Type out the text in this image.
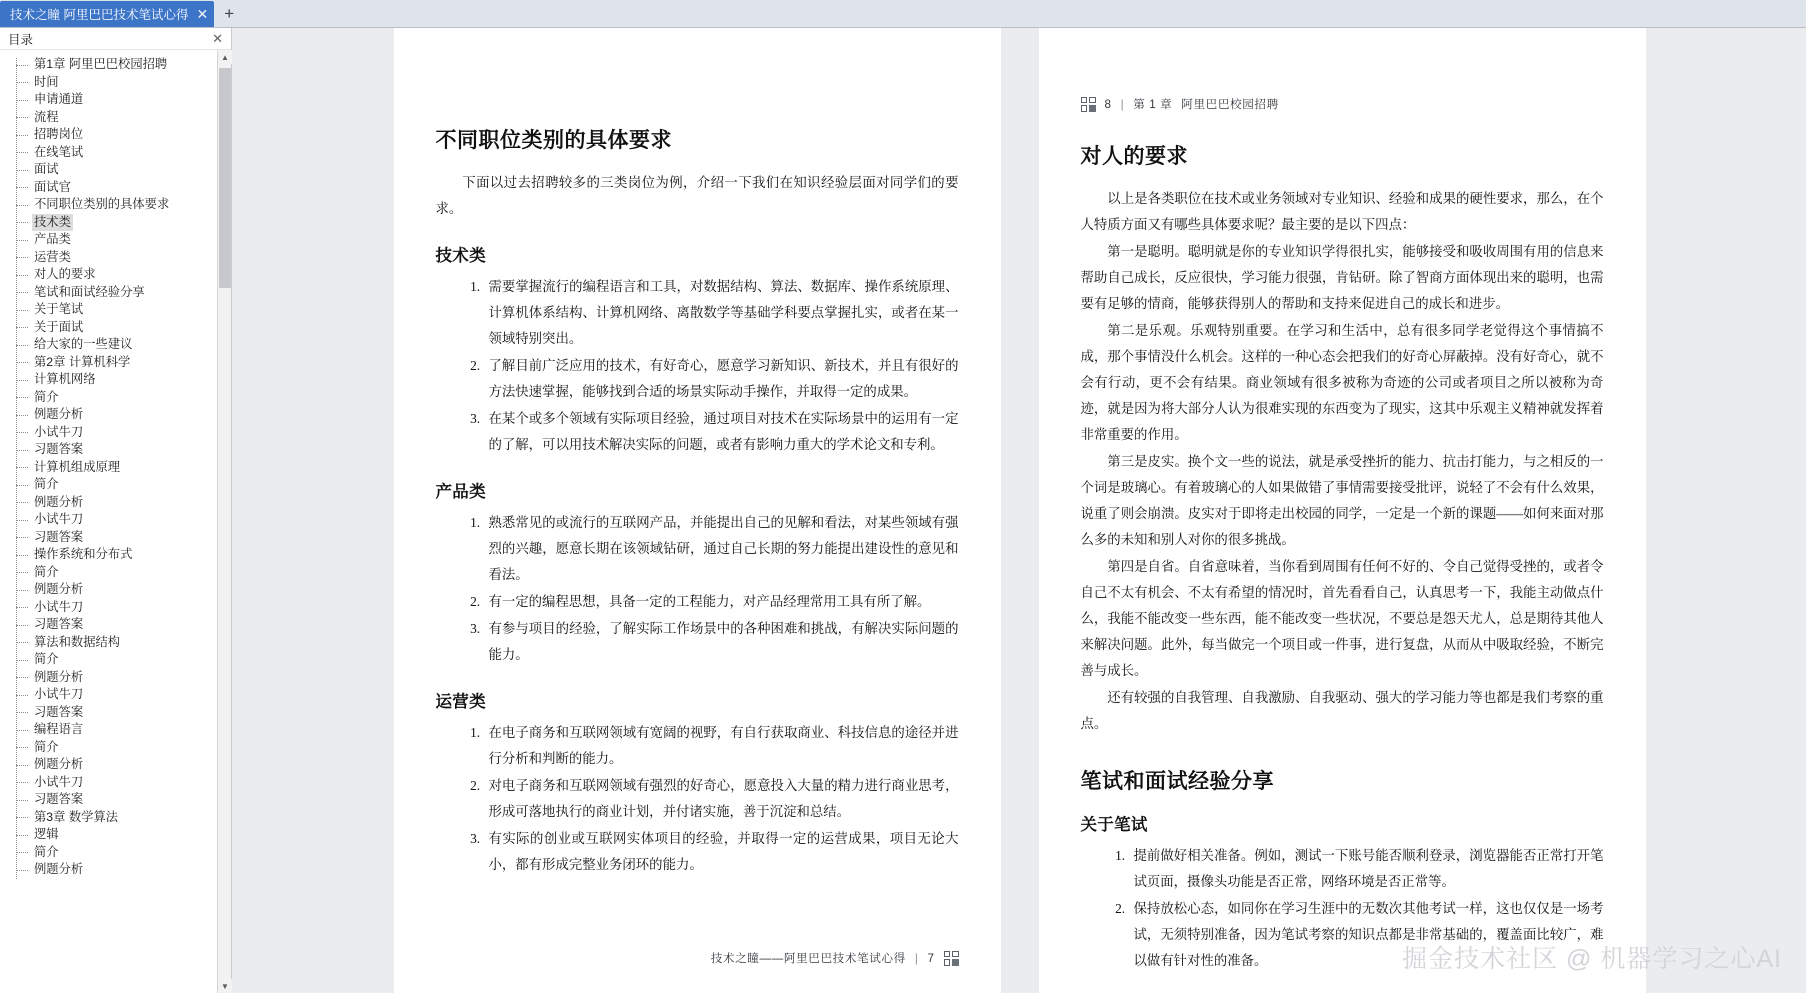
技术之瞳 阿里巴巴技术笔试心得 ✕ +
目录	✕
第1章 阿里巴巴校园招聘
时间
申请通道
流程
招聘岗位
在线笔试
面试
面试官
不同职位类别的具体要求
技术类
产品类
运营类
对人的要求
笔试和面试经验分享
关于笔试
关于面试
给大家的一些建议
第2章 计算机科学
计算机网络
简介
例题分析
小试牛刀
习题答案
计算机组成原理
简介
例题分析
小试牛刀
习题答案
操作系统和分布式
简介
例题分析
小试牛刀
习题答案
算法和数据结构
简介
例题分析
小试牛刀
习题答案
编程语言
简介
例题分析
小试牛刀
习题答案
第3章 数学算法
逻辑
简介
例题分析
▲
▼
不同职位类别的具体要求

下面以过去招聘较多的三类岗位为例，介绍一下我们在知识经验层面对同学们的要求。

技术类
1. 需要掌握流行的编程语言和工具，对数据结构、算法、数据库、操作系统原理、计算机体系结构、计算机网络、离散数学等基础学科要点掌握扎实，或者在某一领域特别突出。
2. 了解目前广泛应用的技术，有好奇心，愿意学习新知识、新技术，并且有很好的方法快速掌握，能够找到合适的场景实际动手操作，并取得一定的成果。
3. 在某个或多个领域有实际项目经验，通过项目对技术在实际场景中的运用有一定的了解，可以用技术解决实际的问题，或者有影响力重大的学术论文和专利。
产品类
1. 熟悉常见的或流行的互联网产品，并能提出自己的见解和看法，对某些领域有强烈的兴趣，愿意长期在该领域钻研，通过自己长期的努力能提出建设性的意见和看法。
2. 有一定的编程思想，具备一定的工程能力，对产品经理常用工具有所了解。
3. 有参与项目的经验，了解实际工作场景中的各种困难和挑战，有解决实际问题的能力。
运营类
1. 在电子商务和互联网领域有宽阔的视野，有自行获取商业、科技信息的途径并进行分析和判断的能力。
2. 对电子商务和互联网领域有强烈的好奇心，愿意投入大量的精力进行商业思考，形成可落地执行的商业计划，并付诸实施，善于沉淀和总结。
3. 有实际的创业或互联网实体项目的经验，并取得一定的运营成果，项目无论大小，都有形成完整业务闭环的能力。
技术之瞳——阿里巴巴技术笔试心得 | 7
8 | 第 1 章 阿里巴巴校园招聘
对人的要求

以上是各类职位在技术或业务领域对专业知识、经验和成果的硬性要求，那么，在个人特质方面又有哪些具体要求呢？最主要的是以下四点：

第一是聪明。聪明就是你的专业知识学得很扎实，能够接受和吸收周围有用的信息来帮助自己成长，反应很快，学习能力很强，肯钻研。除了智商方面体现出来的聪明，也需要有足够的情商，能够获得别人的帮助和支持来促进自己的成长和进步。

第二是乐观。乐观特别重要。在学习和生活中，总有很多同学老觉得这个事情搞不成，那个事情没什么机会。这样的一种心态会把我们的好奇心屏蔽掉。没有好奇心，就不会有行动，更不会有结果。商业领域有很多被称为奇迹的公司或者项目之所以被称为奇迹，就是因为将大部分人认为很难实现的东西变为了现实，这其中乐观主义精神就发挥着非常重要的作用。

第三是皮实。换个文一些的说法，就是承受挫折的能力、抗击打能力，与之相反的一个词是玻璃心。有着玻璃心的人如果做错了事情需要接受批评，说轻了不会有什么效果，说重了则会崩溃。皮实对于即将走出校园的同学，一定是一个新的课题——如何来面对那么多的未知和别人对你的很多挑战。

第四是自省。自省意味着，当你看到周围有任何不好的、令自己觉得受挫的，或者令自己不太有机会、不太有希望的情况时，首先看看自己，认真思考一下，我能主动做点什么，我能不能改变一些东西，能不能改变一些状况，不要总是怨天尤人，总是期待其他人来解决问题。此外，每当做完一个项目或一件事，进行复盘，从而从中吸取经验，不断完善与成长。

还有较强的自我管理、自我激励、自我驱动、强大的学习能力等也都是我们考察的重点。

笔试和面试经验分享
关于笔试
1. 提前做好相关准备。例如，测试一下账号能否顺利登录，浏览器能否正常打开笔试页面，摄像头功能是否正常，网络环境是否正常等。
2. 保持放松心态，如同你在学习生涯中的无数次其他考试一样，这也仅仅是一场考试，无须特别准备，因为笔试考察的知识点都是非常基础的，覆盖面比较广，难以做有针对性的准备。	掘金技术社区 @ 机器学习之心AI
